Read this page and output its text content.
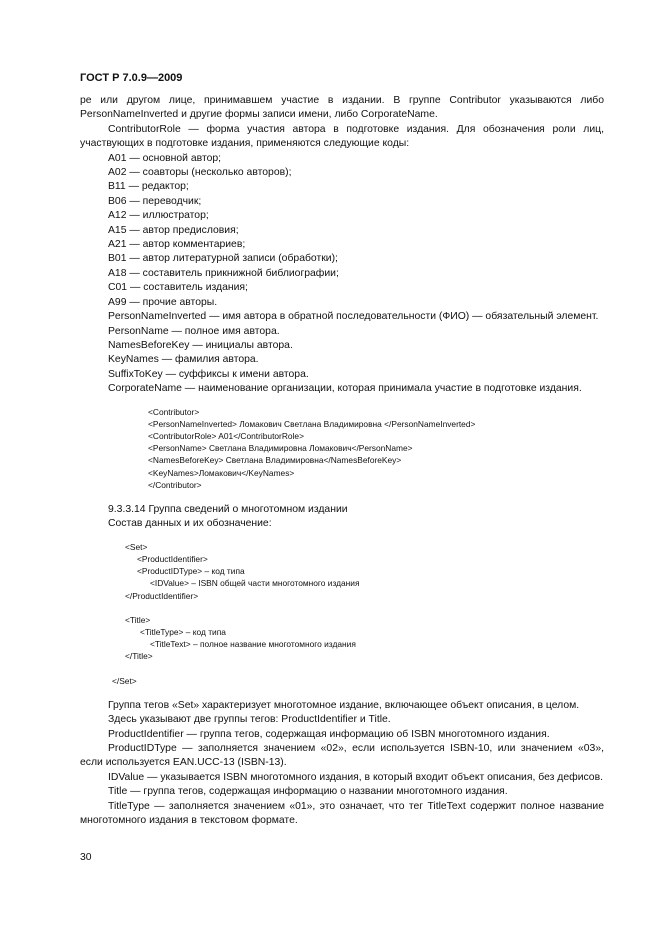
ГОСТ Р 7.0.9—2009

ре или другом лице, принимавшем участие в издании. В группе Contributor указываются либо PersonNameInverted и другие формы записи имени, либо CorporateName.

ContributorRole — форма участия автора в подготовке издания. Для обозначения роли лиц, участвующих в подготовке издания, применяются следующие коды:

A01 — основной автор;

A02 — соавторы (несколько авторов);

B11 — редактор;

B06 — переводчик;

A12 — иллюстратор;

A15 — автор предисловия;

A21 — автор комментариев;

B01 — автор литературной записи (обработки);

A18 — составитель прикнижной библиографии;

C01 — составитель издания;

A99 — прочие авторы.

PersonNameInverted — имя автора в обратной последовательности (ФИО) — обязательный элемент.

PersonName — полное имя автора.

NamesBeforeKey — инициалы автора.

KeyNames — фамилия автора.

SuffixToKey — суффиксы к имени автора.

CorporateName — наименование организации, которая принимала участие в подготовке издания.

<Contributor>

<PersonNameInverted> Ломакович Светлана Владимировна </PersonNameInverted>

<ContributorRole> A01</ContributorRole>

<PersonName> Светлана Владимировна Ломакович</PersonName>

<NamesBeforeKey> Светлана Владимировна</NamesBeforeKey>

<KeyNames>Ломакович</KeyNames>

</Contributor>

9.3.3.14 Группа сведений о многотомном издании

Состав данных и их обозначение:

<Set>

<ProductIdentifier>

<ProductIDType> – код типа

<IDValue> – ISBN общей части многотомного издания

</ProductIdentifier>

<Title>

<TitleType> – код типа

<TitleText> – полное название многотомного издания

</Title>

</Set>

Группа тегов «Set» характеризует многотомное издание, включающее объект описания, в целом.

Здесь указывают две группы тегов: ProductIdentifier и Title.

ProductIdentifier — группа тегов, содержащая информацию об ISBN многотомного издания.

ProductIDType — заполняется значением «02», если используется ISBN-10, или значением «03», если используется EAN.UCC-13 (ISBN-13).

IDValue — указывается ISBN многотомного издания, в который входит объект описания, без дефисов.

Title — группа тегов, содержащая информацию о названии многотомного издания.

TitleType — заполняется значением «01», это означает, что тег TitleText содержит полное название многотомного издания в текстовом формате.

30
